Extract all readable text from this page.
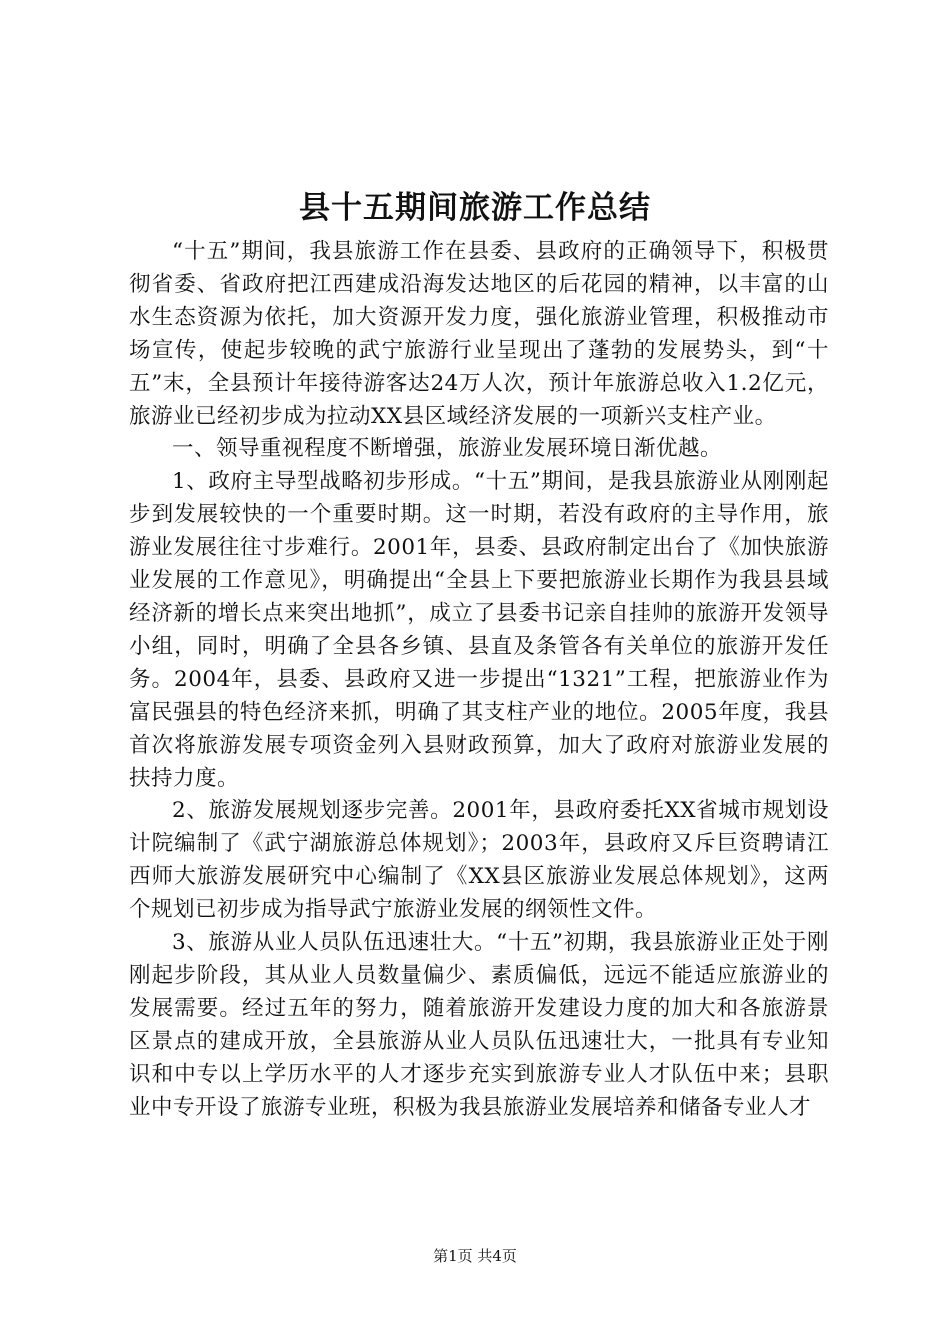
县十五期间旅游工作总结

“十五”期间，我县旅游工作在县委、县政府的正确领导下，积极贯彻省委、省政府把江西建成沿海发达地区的后花园的精神，以丰富的山水生态资源为依托，加大资源开发力度，强化旅游业管理，积极推动市场宣传，使起步较晚的武宁旅游行业呈现出了蓬勃的发展势头，到“十五”末，全县预计年接待游客达24万人次，预计年旅游总收入1.2亿元，旅游业已经初步成为拉动XX县区域经济发展的一项新兴支柱产业。

一、领导重视程度不断增强，旅游业发展环境日渐优越。

1、政府主导型战略初步形成。“十五”期间，是我县旅游业从刚刚起步到发展较快的一个重要时期。这一时期，若没有政府的主导作用，旅游业发展往往寸步难行。2001年，县委、县政府制定出台了《加快旅游业发展的工作意见》，明确提出“全县上下要把旅游业长期作为我县县域经济新的增长点来突出地抓”，成立了县委书记亲自挂帅的旅游开发领导小组，同时，明确了全县各乡镇、县直及条管各有关单位的旅游开发任务。2004年，县委、县政府又进一步提出“1321”工程，把旅游业作为富民强县的特色经济来抓，明确了其支柱产业的地位。2005年度，我县首次将旅游发展专项资金列入县财政预算，加大了政府对旅游业发展的扶持力度。

2、旅游发展规划逐步完善。2001年，县政府委托XX省城市规划设计院编制了《武宁湖旅游总体规划》；2003年，县政府又斥巨资聘请江西师大旅游发展研究中心编制了《XX县区旅游业发展总体规划》，这两个规划已初步成为指导武宁旅游业发展的纲领性文件。

3、旅游从业人员队伍迅速壮大。“十五”初期，我县旅游业正处于刚刚起步阶段，其从业人员数量偏少、素质偏低，远远不能适应旅游业的发展需要。经过五年的努力，随着旅游开发建设力度的加大和各旅游景区景点的建成开放，全县旅游从业人员队伍迅速壮大，一批具有专业知识和中专以上学历水平的人才逐步充实到旅游专业人才队伍中来；县职业中专开设了旅游专业班，积极为我县旅游业发展培养和储备专业人才

第1页 共4页
